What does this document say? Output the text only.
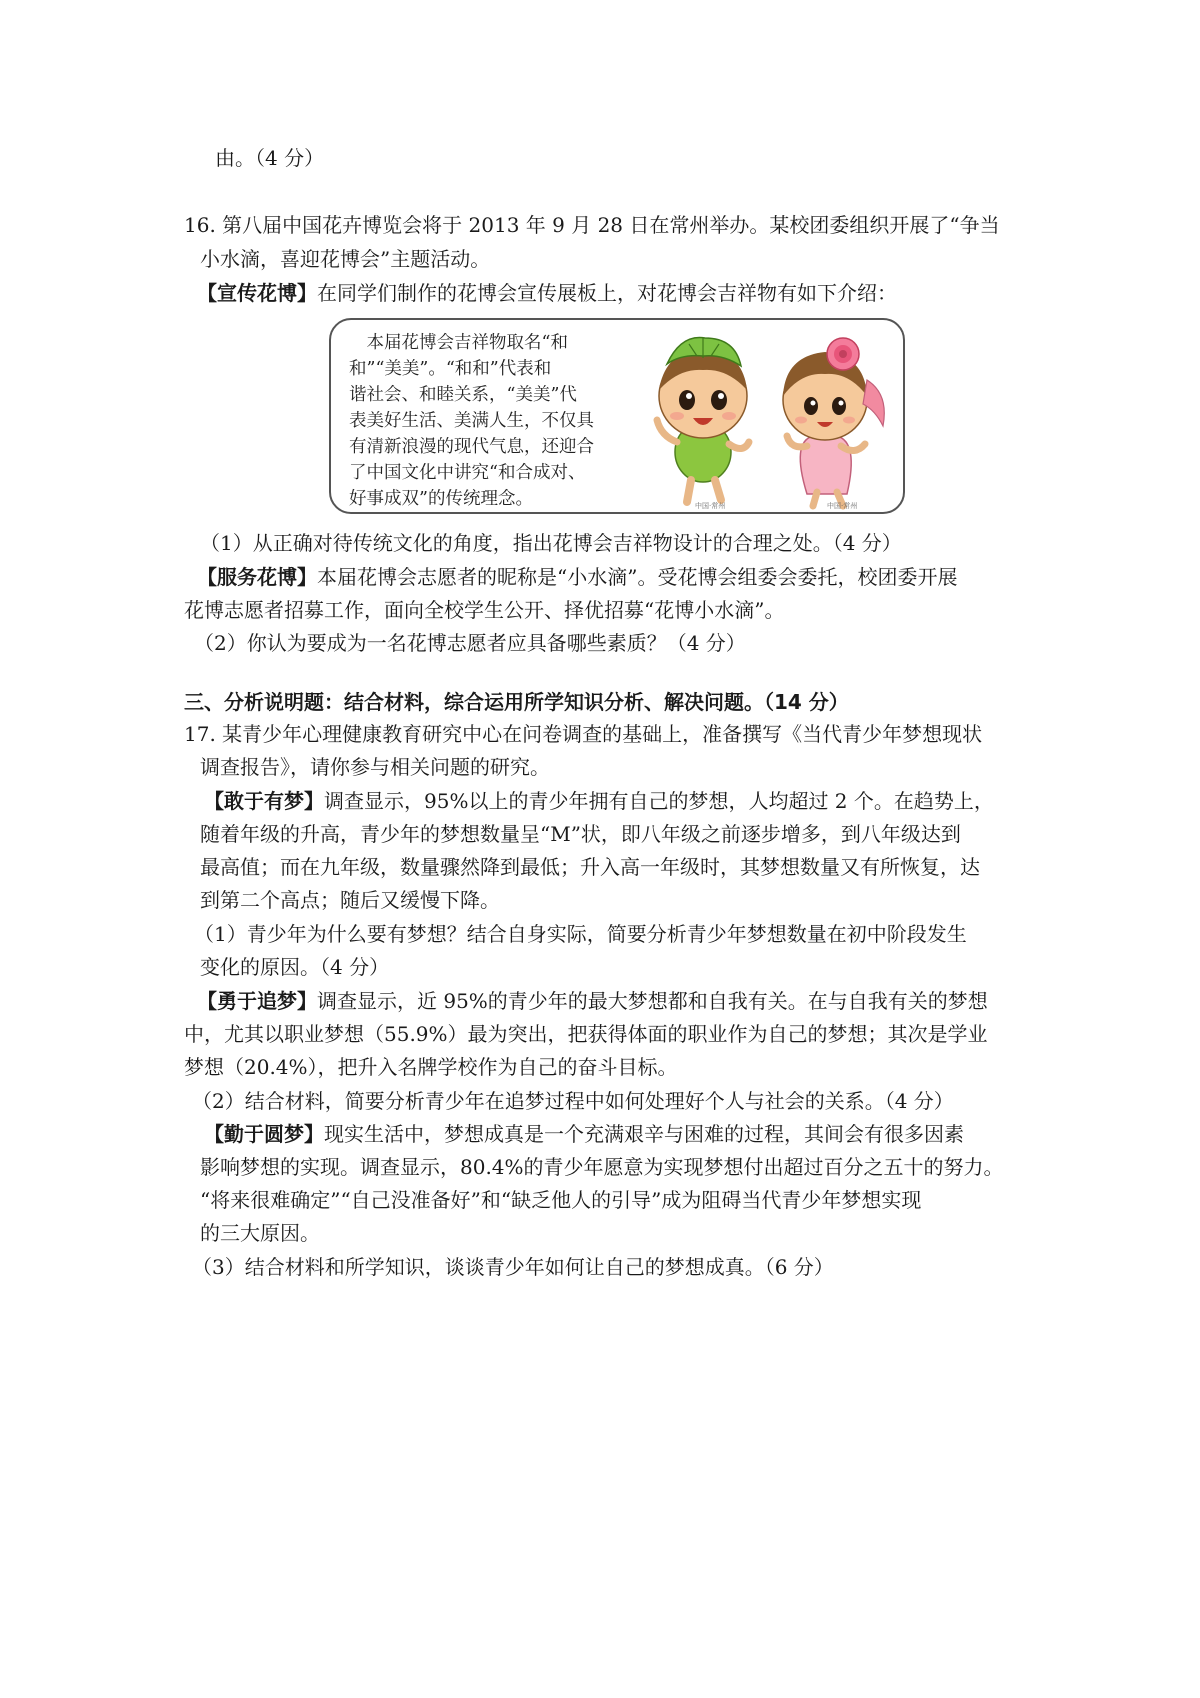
由。（4 分）
16. 第八届中国花卉博览会将于 2013 年 9 月 28 日在常州举办。某校团委组织开展了“争当
小水滴，喜迎花博会”主题活动。
【宣传花博】在同学们制作的花博会宣传展板上，对花博会吉祥物有如下介绍：
　本届花博会吉祥物取名“和
和”“美美”。“和和”代表和
谐社会、和睦关系，“美美”代
表美好生活、美满人生，不仅具
有清新浪漫的现代气息，还迎合
了中国文化中讲究“和合成对、
好事成双”的传统理念。	中国·常州	中国·常州
（1）从正确对待传统文化的角度，指出花博会吉祥物设计的合理之处。（4 分）
【服务花博】本届花博会志愿者的昵称是“小水滴”。受花博会组委会委托，校团委开展
花博志愿者招募工作，面向全校学生公开、择优招募“花博小水滴”。
（2）你认为要成为一名花博志愿者应具备哪些素质？（4 分）
三、分析说明题：结合材料，综合运用所学知识分析、解决问题。（14 分）
17. 某青少年心理健康教育研究中心在问卷调查的基础上，准备撰写《当代青少年梦想现状
调查报告》，请你参与相关问题的研究。
【敢于有梦】调查显示，95%以上的青少年拥有自己的梦想，人均超过 2 个。在趋势上，
随着年级的升高，青少年的梦想数量呈“M”状，即八年级之前逐步增多，到八年级达到
最高值；而在九年级，数量骤然降到最低；升入高一年级时，其梦想数量又有所恢复，达
到第二个高点；随后又缓慢下降。
（1）青少年为什么要有梦想？结合自身实际，简要分析青少年梦想数量在初中阶段发生
变化的原因。（4 分）
【勇于追梦】调查显示，近 95%的青少年的最大梦想都和自我有关。在与自我有关的梦想
中，尤其以职业梦想（55.9%）最为突出，把获得体面的职业作为自己的梦想；其次是学业
梦想（20.4%），把升入名牌学校作为自己的奋斗目标。
（2）结合材料，简要分析青少年在追梦过程中如何处理好个人与社会的关系。（4 分）
【勤于圆梦】现实生活中，梦想成真是一个充满艰辛与困难的过程，其间会有很多因素
影响梦想的实现。调查显示，80.4%的青少年愿意为实现梦想付出超过百分之五十的努力。
“将来很难确定”“自己没准备好”和“缺乏他人的引导”成为阻碍当代青少年梦想实现
的三大原因。
（3）结合材料和所学知识，谈谈青少年如何让自己的梦想成真。（6 分）
